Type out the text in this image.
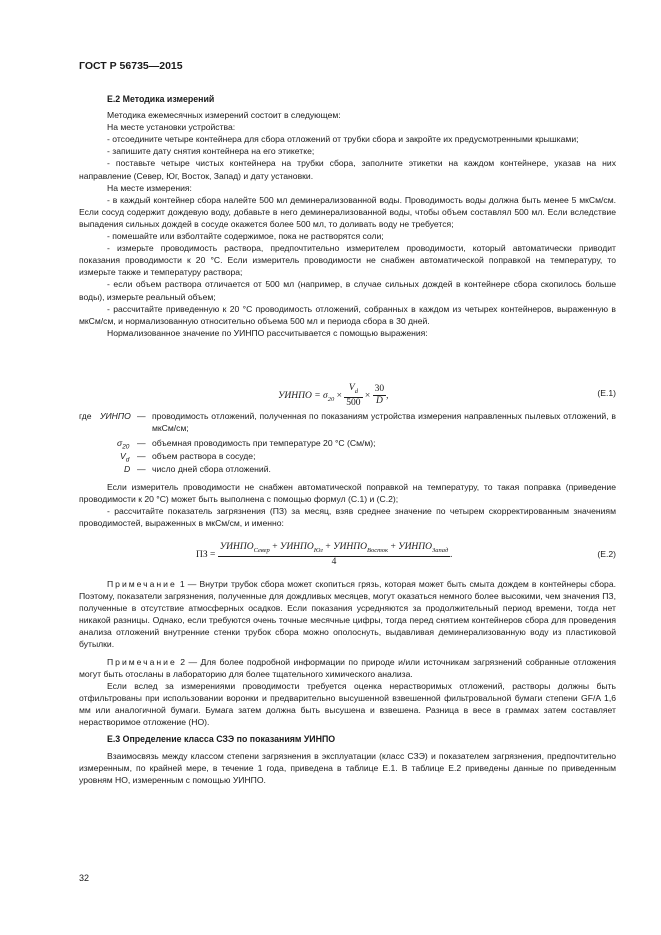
ГОСТ Р 56735—2015

Е.2 Методика измерений

Методика ежемесячных измерений состоит в следующем:

На месте установки устройства:

- отсоедините четыре контейнера для сбора отложений от трубки сбора и закройте их предусмотренными крышками;

- запишите дату снятия контейнера на его этикетке;

- поставьте четыре чистых контейнера на трубки сбора, заполните этикетки на каждом контейнере, указав на них направление (Север, Юг, Восток, Запад) и дату установки.

На месте измерения:

- в каждый контейнер сбора налейте 500 мл деминерализованной воды. Проводимость воды должна быть менее 5 мкСм/см. Если сосуд содержит дождевую воду, добавьте в него деминерализованной воды, чтобы объем составлял 500 мл. Если вследствие выпадения сильных дождей в сосуде окажется более 500 мл, то доливать воду не требуется;

- помешайте или взболтайте содержимое, пока не растворятся соли;

- измерьте проводимость раствора, предпочтительно измерителем проводимости, который автоматически приводит показания проводимости к 20 °С. Если измеритель проводимости не снабжен автоматической поправкой на температуру, то измерьте также и температуру раствора;

- если объем раствора отличается от 500 мл (например, в случае сильных дождей в контейнере сбора скопилось больше воды), измерьте реальный объем;

- рассчитайте приведенную к 20 °С проводимость отложений, собранных в каждом из четырех контейнеров, выраженную в мкСм/см, и нормализованную относительно объема 500 мл и периода сбора в 30 дней.

Нормализованное значение по УИНПО рассчитывается с помощью выражения:

УИНПО = $\sigma_{20} \times \frac{V_d}{500} \times \frac{30}{D}$ ,	(Е.1)
где УИНПО — проводимость отложений, полученная по показаниям устройства измерения направленных пылевых отложений, в мкСм/см;
$\sigma_{20}$ — объемная проводимость при температуре 20 °С (См/м);
$V_d$ — объем раствора в сосуде;
D — число дней сбора отложений.

Если измеритель проводимости не снабжен автоматической поправкой на температуру, то такая поправка (приведение проводимости к 20 °С) может быть выполнена с помощью формул (С.1) и (С.2);

- рассчитайте показатель загрязнения (ПЗ) за месяц, взяв среднее значение по четырем скорректированным значениям проводимостей, выраженных в мкСм/см, и именно:

ПЗ =
$УИНПО_{Север}$ + $УИНПО_{Юг}$ + $УИНПО_{Восток}$ + $УИНПО_{Запад}$
4
.	(Е.2)

Примечание 1 — Внутри трубок сбора может скопиться грязь, которая может быть смыта дождем в контейнеры сбора. Поэтому, показатели загрязнения, полученные для дождливых месяцев, могут оказаться немного более высокими, чем значения ПЗ, полученные в отсутствие атмосферных осадков. Если показания усредняются за продолжительный период времени, тогда нет никакой разницы. Однако, если требуются очень точные месячные цифры, тогда перед снятием контейнеров сбора для проведения анализа отложений внутренние стенки трубок сбора можно ополоснуть, выдавливая деминерализованную воду из пластиковой бутылки.

Примечание 2 — Для более подробной информации по природе и/или источникам загрязнений собранные отложения могут быть отосланы в лабораторию для более тщательного химического анализа.

Если вслед за измерениями проводимости требуется оценка нерастворимых отложений, растворы должны быть отфильтрованы при использовании воронки и предварительно высушенной взвешенной фильтровальной бумаги степени GF/A 1,6 мм или аналогичной бумаги. Бумага затем должна быть высушена и взвешена. Разница в весе в граммах затем составляет нерастворимое отложение (НО).

Е.3 Определение класса СЗЭ по показаниям УИНПО

Взаимосвязь между классом степени загрязнения в эксплуатации (класс СЗЭ) и показателем загрязнения, предпочтительно измеренным, по крайней мере, в течение 1 года, приведена в таблице Е.1. В таблице Е.2 приведены данные по приведенным уровням НО, измеренным с помощью УИНПО.

32
